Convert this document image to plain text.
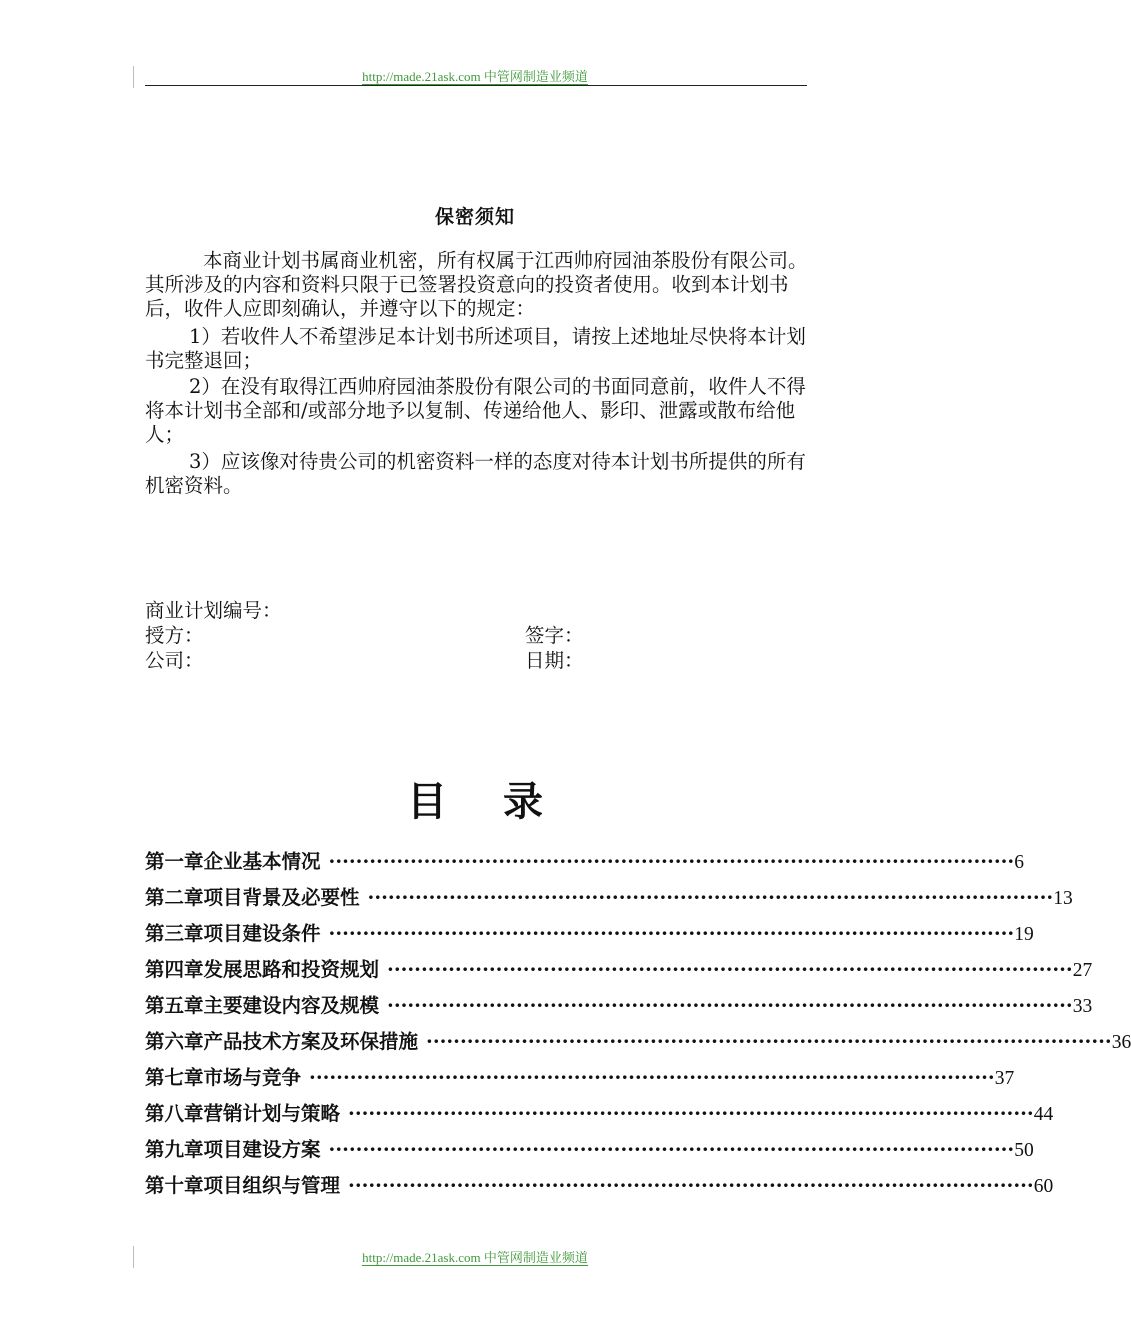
http://made.21ask.com 中管网制造业频道
保密须知

本商业计划书属商业机密，所有权属于江西帅府园油茶股份有限公司。其所涉及的内容和资料只限于已签署投资意向的投资者使用。收到本计划书后，收件人应即刻确认，并遵守以下的规定：

1）若收件人不希望涉足本计划书所述项目，请按上述地址尽快将本计划书完整退回；

2）在没有取得江西帅府园油茶股份有限公司的书面同意前，收件人不得将本计划书全部和/或部分地予以复制、传递给他人、影印、泄露或散布给他人；

3）应该像对待贵公司的机密资料一样的态度对待本计划书所提供的所有机密资料。

商业计划编号：
授方：
公司：
签字：
日期：
目录
第一章 企业基本情况 ····································································································· 6
第二章 项目背景及必要性 ····································································································· 13
第三章 项目建设条件 ····································································································· 19
第四章 发展思路和投资规划 ····································································································· 27
第五章 主要建设内容及规模 ····································································································· 33
第六章 产品技术方案及环保措施 ····································································································· 36
第七章 市场与竞争 ····································································································· 37
第八章 营销计划与策略 ····································································································· 44
第九章 项目建设方案 ····································································································· 50
第十章 项目组织与管理 ····································································································· 60
http://made.21ask.com 中管网制造业频道
